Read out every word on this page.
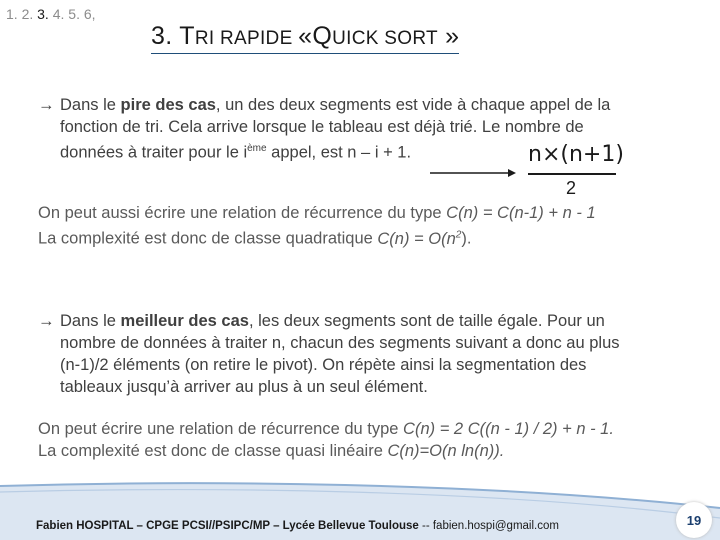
1. 2. 3. 4. 5. 6,
3. TRI RAPIDE «QUICK SORT »
→ Dans le pire des cas, un des deux segments est vide à chaque appel de la
fonction de tri. Cela arrive lorsque le tableau est déjà trié. Le nombre de
données à traiter pour le $i^{ème}$ appel, est n – i + 1.	n×(n+1)
2
On peut aussi écrire une relation de récurrence du type C(n) = C(n-1) + n - 1
La complexité est donc de classe quadratique $C(n) = O(n^2)$.
→ Dans le meilleur des cas, les deux segments sont de taille égale. Pour un
nombre de données à traiter n, chacun des segments suivant a donc au plus
(n-1)/2 éléments (on retire le pivot). On répète ainsi la segmentation des
tableaux jusqu’à arriver au plus à un seul élément.
On peut écrire une relation de récurrence du type C(n) = 2 C((n - 1) / 2) + n - 1.
La complexité est donc de classe quasi linéaire C(n)=O(n ln(n)).
Fabien HOSPITAL – CPGE PCSI//PSIPC/MP – Lycée Bellevue Toulouse -- fabien.hospi@gmail.com	19
